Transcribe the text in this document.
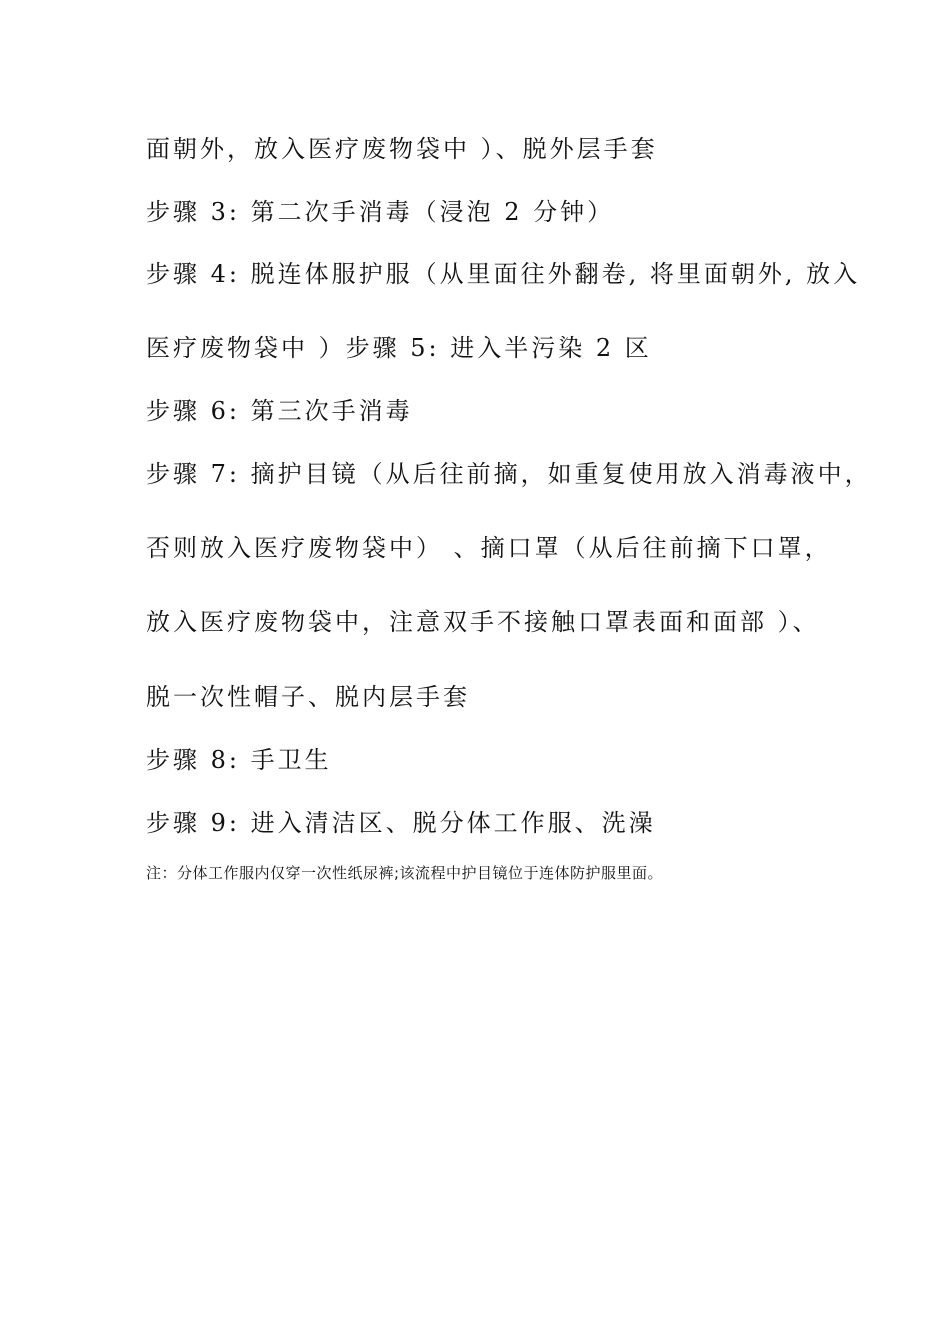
面朝外，放入医疗废物袋中 ）、脱外层手套
步骤 3: 第二次手消毒（浸泡 2 分钟）
步骤 4: 脱连体服护服（从里面往外翻卷, 将里面朝外, 放入
医疗废物袋中 ）步骤 5: 进入半污染 2 区
步骤 6: 第三次手消毒
步骤 7: 摘护目镜（从后往前摘，如重复使用放入消毒液中，
否则放入医疗废物袋中） 、摘口罩（从后往前摘下口罩，
放入医疗废物袋中，注意双手不接触口罩表面和面部 ）、
脱一次性帽子、脱内层手套
步骤 8: 手卫生
步骤 9: 进入清洁区、脱分体工作服、洗澡
注：分体工作服内仅穿一次性纸尿裤;该流程中护目镜位于连体防护服里面。
